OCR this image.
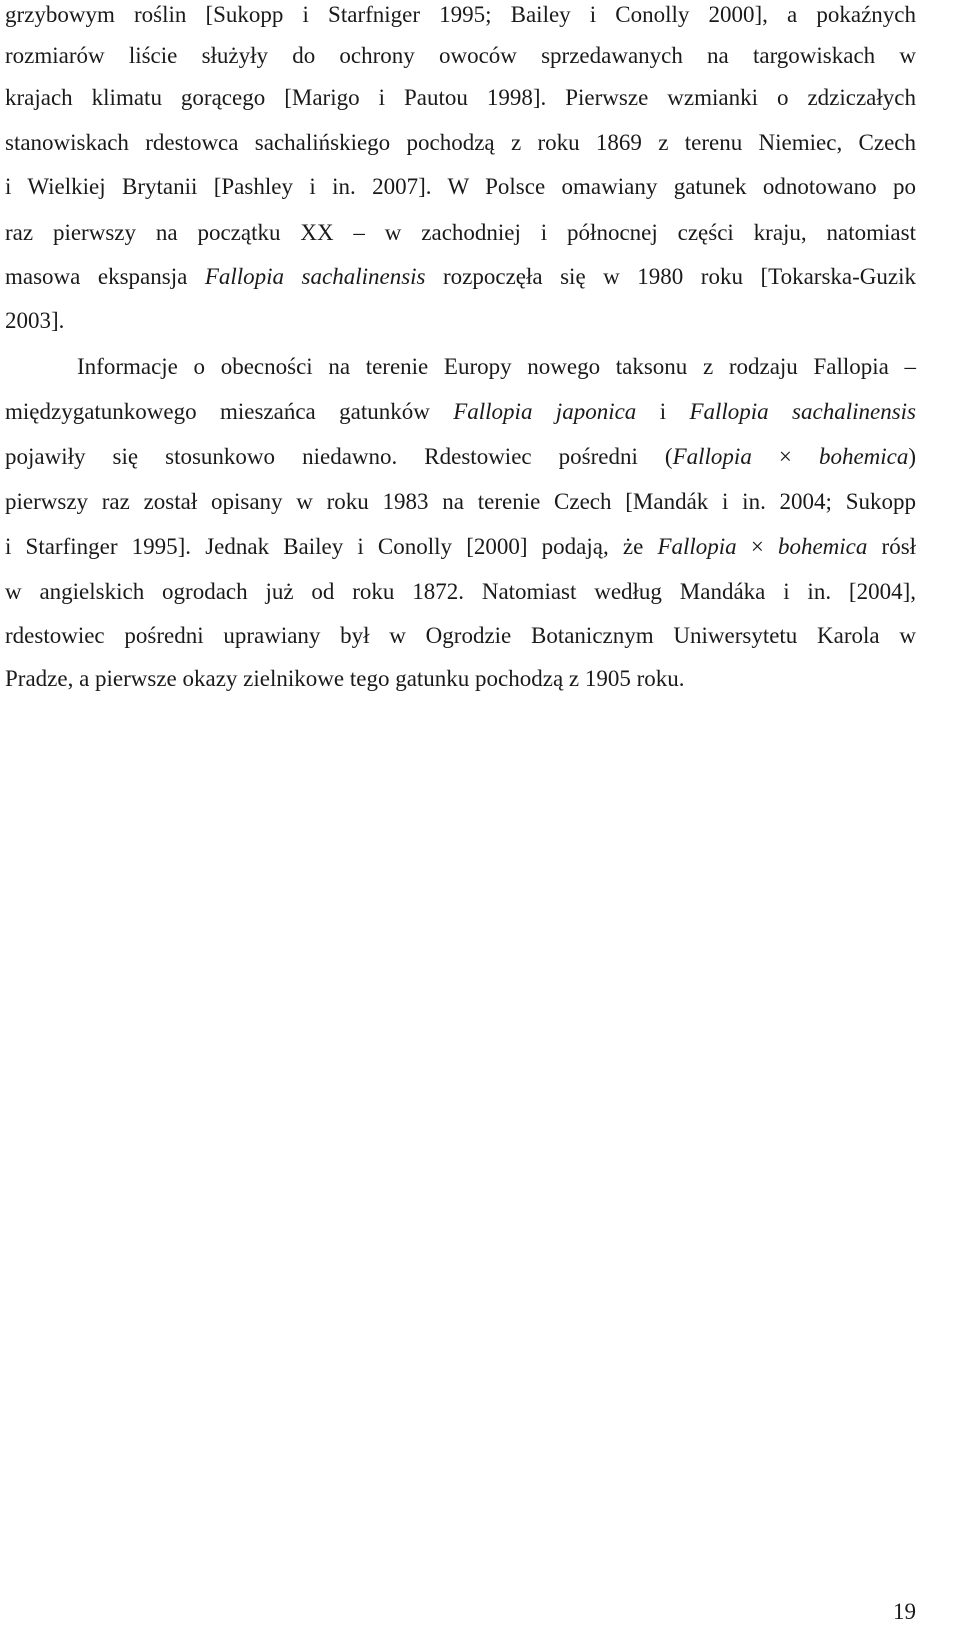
grzybowym roślin [Sukopp i Starfniger 1995; Bailey i Conolly 2000], a pokaźnych
rozmiarów liście służyły do ochrony owoców sprzedawanych na targowiskach w
krajach klimatu gorącego [Marigo i Pautou 1998]. Pierwsze wzmianki o zdziczałych
stanowiskach rdestowca sachalińskiego pochodzą z roku 1869 z terenu Niemiec, Czech
i Wielkiej Brytanii [Pashley i in. 2007]. W Polsce omawiany gatunek odnotowano po
raz pierwszy na początku XX – w zachodniej i północnej części kraju, natomiast
masowa ekspansja Fallopia sachalinensis rozpoczęła się w 1980 roku [Tokarska-Guzik
2003].
Informacje o obecności na terenie Europy nowego taksonu z rodzaju Fallopia –
międzygatunkowego mieszańca gatunków Fallopia japonica i Fallopia sachalinensis
pojawiły się stosunkowo niedawno. Rdestowiec pośredni (Fallopia × bohemica)
pierwszy raz został opisany w roku 1983 na terenie Czech [Mandák i in. 2004; Sukopp
i Starfinger 1995]. Jednak Bailey i Conolly [2000] podają, że Fallopia × bohemica rósł
w angielskich ogrodach już od roku 1872. Natomiast według Mandáka i in. [2004],
rdestowiec pośredni uprawiany był w Ogrodzie Botanicznym Uniwersytetu Karola w
Pradze, a pierwsze okazy zielnikowe tego gatunku pochodzą z 1905 roku.
19
